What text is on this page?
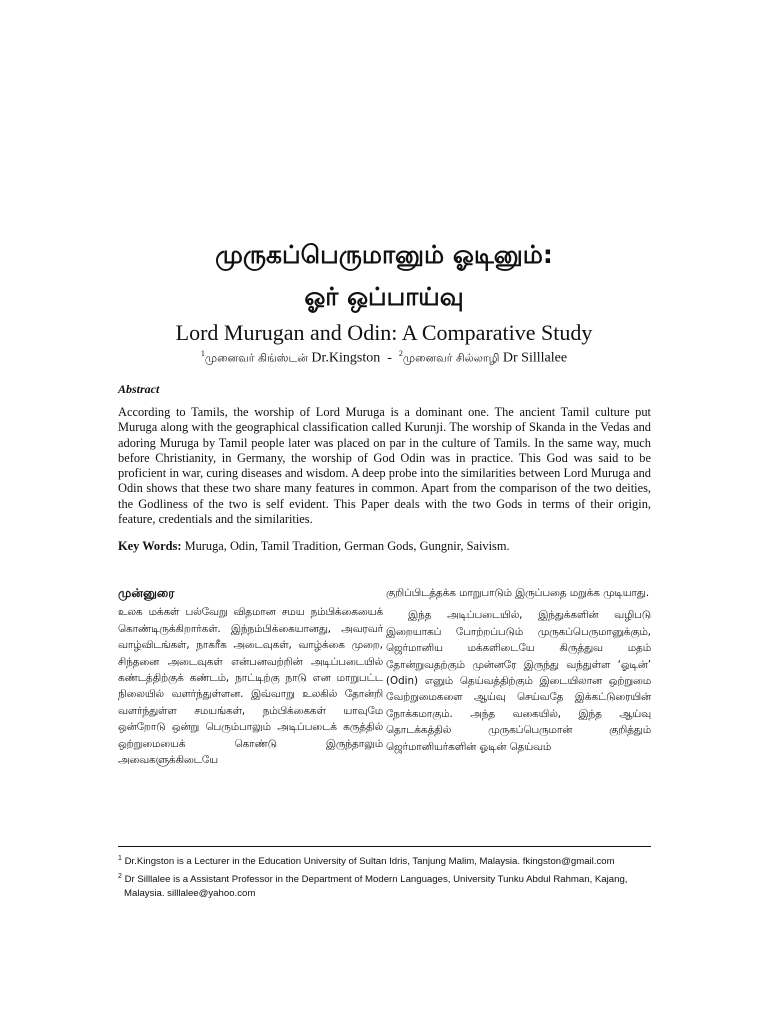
முருகப்பெருமானும் ஓடினும்:
ஓர் ஒப்பாய்வு
Lord Murugan and Odin: A Comparative Study
$^1$முனைவர் கிங்ஸ்டன் Dr.Kingston - $^2$முனைவர் சில்லாழி Dr Silllalee
Abstract
According to Tamils, the worship of Lord Muruga is a dominant one. The ancient Tamil culture put Muruga along with the geographical classification called Kurunji. The worship of Skanda in the Vedas and adoring Muruga by Tamil people later was placed on par in the culture of Tamils. In the same way, much before Christianity, in Germany, the worship of God Odin was in practice. This God was said to be proficient in war, curing diseases and wisdom. A deep probe into the similarities between Lord Muruga and Odin shows that these two share many features in common. Apart from the comparison of the two deities, the Godliness of the two is self evident. This Paper deals with the two Gods in terms of their origin, feature, credentials and the similarities.
Key Words: Muruga, Odin, Tamil Tradition, German Gods, Gungnir, Saivism.
முன்னுரை

உலக மக்கள் பல்வேறு விதமான சமய நம்பிக்கையைக் கொண்டிருக்கிறார்கள். இந்நம்பிக்கையானது, அவரவர் வாழ்விடங்கள், நாகரீக அடைவுகள், வாழ்க்கை முறை, சிந்தனை அடைவுகள் என்பனவற்றின் அடிப்படையில் கண்டத்திற்குக் கண்டம், நாட்டிற்கு நாடு என மாறுபட்ட நிலையில் வளர்ந்துள்ளன. இவ்வாறு உலகில் தோன்றி வளர்ந்துள்ள சமயங்கள், நம்பிக்கைகள் யாவுமே ஒன்றோடு ஒன்று பெரும்பாலும் அடிப்படைக் கருத்தில் ஒற்றுமையைக் கொண்டு இருந்தாலும் அவைகளுக்கிடையே

குறிப்பிடத்தக்க மாறுபாடும் இருப்பதை மறுக்க முடியாது.

இந்த அடிப்படையில், இந்துக்களின் வழிபடு இறையாகப் போற்றப்படும் முருகப்பெருமானுக்கும், ஜெர்மானிய மக்களிடையே கிருத்துவ மதம் தோன்றுவதற்கும் முன்னரே இருந்து வந்துள்ள ‘ஓடின்’ (Odin) எனும் தெய்வத்திற்கும் இடையிலான ஒற்றுமை வேற்றுமைகளை ஆய்வு செய்வதே இக்கட்டுரையின் நோக்கமாகும். அந்த வகையில், இந்த ஆய்வு தொடக்கத்தில் முருகப்பெருமான் குறித்தும் ஜெர்மானியர்களின் ஓடின் தெய்வம்

$^1$ Dr.Kingston is a Lecturer in the Education University of Sultan Idris, Tanjung Malim, Malaysia. fkingston@gmail.com
$^2$ Dr Silllalee is a Assistant Professor in the Department of Modern Languages, University Tunku Abdul Rahman, Kajang, Malaysia. silllalee@yahoo.com
